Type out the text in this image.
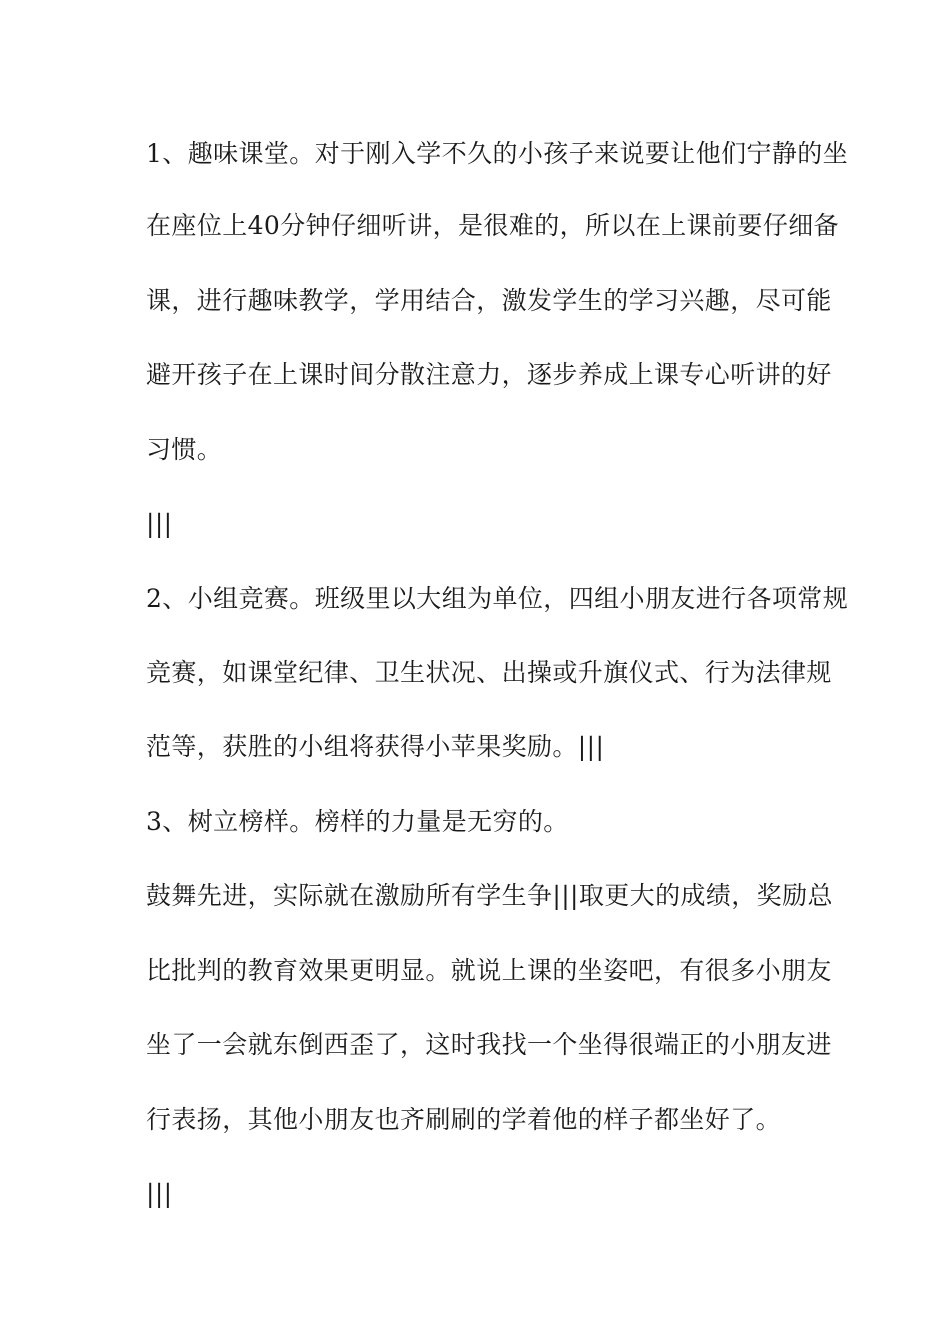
1、趣味课堂。对于刚入学不久的小孩子来说要让他们宁静的坐
在座位上40分钟仔细听讲，是很难的，所以在上课前要仔细备
课，进行趣味教学，学用结合，激发学生的学习兴趣，尽可能
避开孩子在上课时间分散注意力，逐步养成上课专心听讲的好
习惯。
|||
2、小组竞赛。班级里以大组为单位，四组小朋友进行各项常规
竞赛，如课堂纪律、卫生状况、出操或升旗仪式、行为法律规
范等，获胜的小组将获得小苹果奖励。|||
3、树立榜样。榜样的力量是无穷的。
鼓舞先进，实际就在激励所有学生争|||取更大的成绩，奖励总
比批判的教育效果更明显。就说上课的坐姿吧，有很多小朋友
坐了一会就东倒西歪了，这时我找一个坐得很端正的小朋友进
行表扬，其他小朋友也齐刷刷的学着他的样子都坐好了。
|||
